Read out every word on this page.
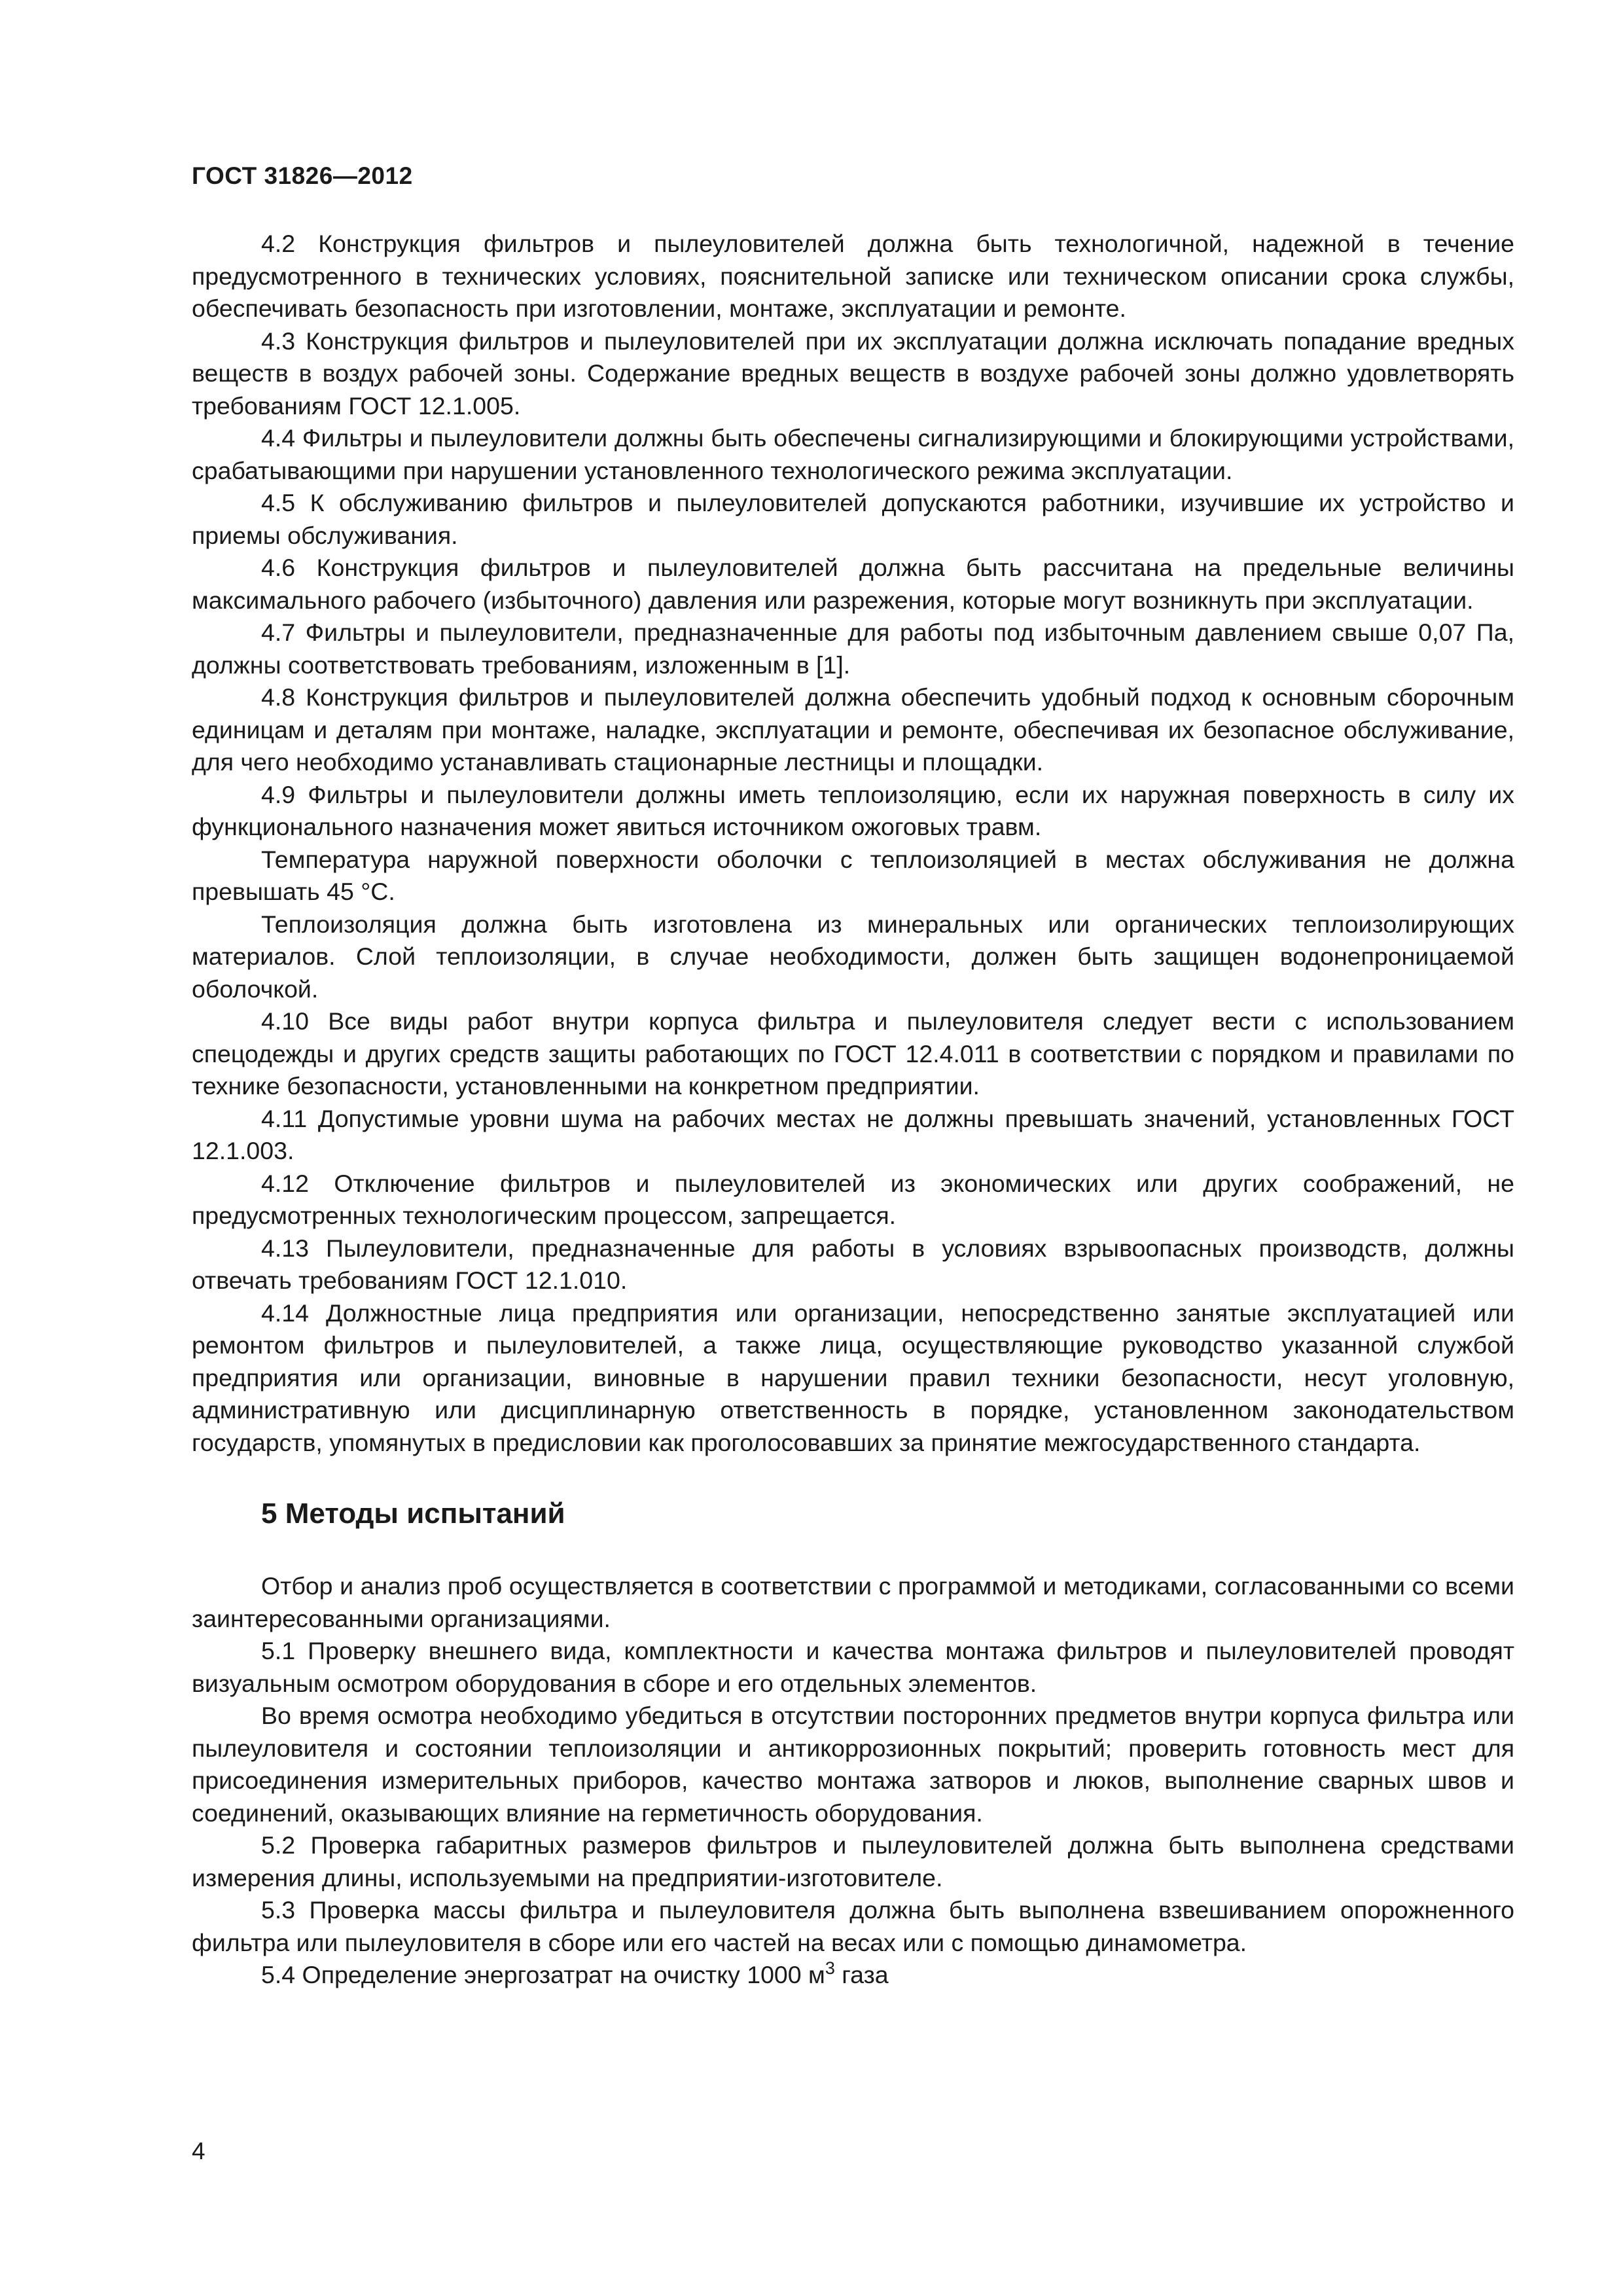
ГОСТ 31826—2012

4.2 Конструкция фильтров и пылеуловителей должна быть технологичной, надежной в течение предусмотренного в технических условиях, пояснительной записке или техническом описании срока службы, обеспечивать безопасность при изготовлении, монтаже, эксплуатации и ремонте.

4.3 Конструкция фильтров и пылеуловителей при их эксплуатации должна исключать попадание вредных веществ в воздух рабочей зоны. Содержание вредных веществ в воздухе рабочей зоны должно удовлетворять требованиям ГОСТ 12.1.005.

4.4 Фильтры и пылеуловители должны быть обеспечены сигнализирующими и блокирующими устройствами, срабатывающими при нарушении установленного технологического режима эксплуатации.

4.5 К обслуживанию фильтров и пылеуловителей допускаются работники, изучившие их устройство и приемы обслуживания.

4.6 Конструкция фильтров и пылеуловителей должна быть рассчитана на предельные величины максимального рабочего (избыточного) давления или разрежения, которые могут возникнуть при эксплуатации.

4.7 Фильтры и пылеуловители, предназначенные для работы под избыточным давлением свыше 0,07 Па, должны соответствовать требованиям, изложенным в [1].

4.8 Конструкция фильтров и пылеуловителей должна обеспечить удобный подход к основным сборочным единицам и деталям при монтаже, наладке, эксплуатации и ремонте, обеспечивая их безопасное обслуживание, для чего необходимо устанавливать стационарные лестницы и площадки.

4.9 Фильтры и пылеуловители должны иметь теплоизоляцию, если их наружная поверхность в силу их функционального назначения может явиться источником ожоговых травм.

Температура наружной поверхности оболочки с теплоизоляцией в местах обслуживания не должна превышать 45 °С.

Теплоизоляция должна быть изготовлена из минеральных или органических теплоизолирующих материалов. Слой теплоизоляции, в случае необходимости, должен быть защищен водонепроницаемой оболочкой.

4.10 Все виды работ внутри корпуса фильтра и пылеуловителя следует вести с использованием спецодежды и других средств защиты работающих по ГОСТ 12.4.011 в соответствии с порядком и правилами по технике безопасности, установленными на конкретном предприятии.

4.11 Допустимые уровни шума на рабочих местах не должны превышать значений, установленных ГОСТ 12.1.003.

4.12 Отключение фильтров и пылеуловителей из экономических или других соображений, не предусмотренных технологическим процессом, запрещается.

4.13 Пылеуловители, предназначенные для работы в условиях взрывоопасных производств, должны отвечать требованиям ГОСТ 12.1.010.

4.14 Должностные лица предприятия или организации, непосредственно занятые эксплуатацией или ремонтом фильтров и пылеуловителей, а также лица, осуществляющие руководство указанной службой предприятия или организации, виновные в нарушении правил техники безопасности, несут уголовную, административную или дисциплинарную ответственность в порядке, установленном законодательством государств, упомянутых в предисловии как проголосовавших за принятие межгосударственного стандарта.

5 Методы испытаний

Отбор и анализ проб осуществляется в соответствии с программой и методиками, согласованными со всеми заинтересованными организациями.

5.1 Проверку внешнего вида, комплектности и качества монтажа фильтров и пылеуловителей проводят визуальным осмотром оборудования в сборе и его отдельных элементов.

Во время осмотра необходимо убедиться в отсутствии посторонних предметов внутри корпуса фильтра или пылеуловителя и состоянии теплоизоляции и антикоррозионных покрытий; проверить готовность мест для присоединения измерительных приборов, качество монтажа затворов и люков, выполнение сварных швов и соединений, оказывающих влияние на герметичность оборудования.

5.2 Проверка габаритных размеров фильтров и пылеуловителей должна быть выполнена средствами измерения длины, используемыми на предприятии-изготовителе.

5.3 Проверка массы фильтра и пылеуловителя должна быть выполнена взвешиванием опорожненного фильтра или пылеуловителя в сборе или его частей на весах или с помощью динамометра.

5.4 Определение энергозатрат на очистку 1000 $м^3$ газа

4
